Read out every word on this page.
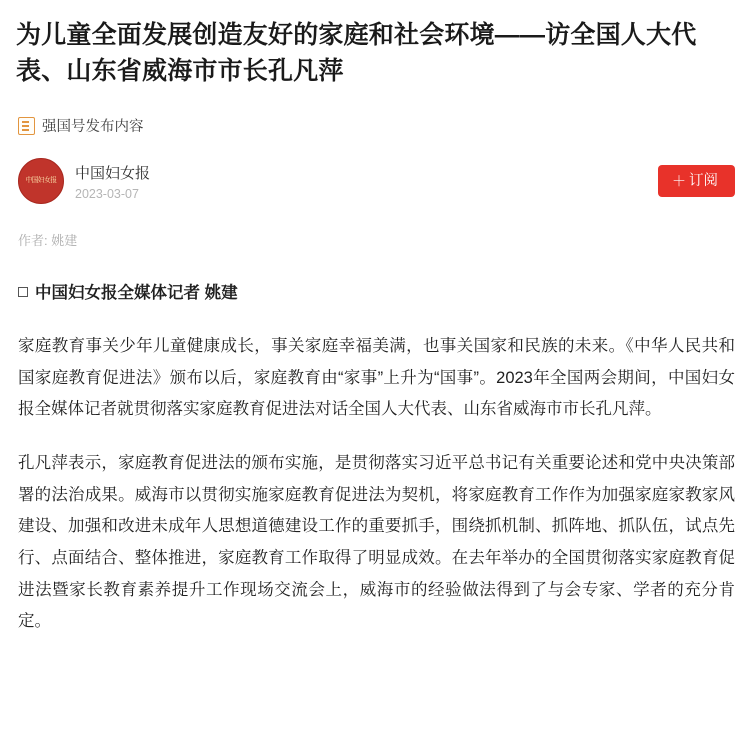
为儿童全面发展创造友好的家庭和社会环境——访全国人大代表、山东省威海市市长孔凡萍
强国号发布内容
中国妇女报 中国妇女报
2023-03-07
＋ 订阅
作者: 姚建
中国妇女报全媒体记者 姚建

家庭教育事关少年儿童健康成长，事关家庭幸福美满，也事关国家和民族的未来。《中华人民共和国家庭教育促进法》颁布以后，家庭教育由“家事”上升为“国事”。2023年全国两会期间，中国妇女报全媒体记者就贯彻落实家庭教育促进法对话全国人大代表、山东省威海市市长孔凡萍。

孔凡萍表示，家庭教育促进法的颁布实施，是贯彻落实习近平总书记有关重要论述和党中央决策部署的法治成果。威海市以贯彻实施家庭教育促进法为契机，将家庭教育工作作为加强家庭家教家风建设、加强和改进未成年人思想道德建设工作的重要抓手，围绕抓机制、抓阵地、抓队伍，试点先行、点面结合、整体推进，家庭教育工作取得了明显成效。在去年举办的全国贯彻落实家庭教育促进法暨家长教育素养提升工作现场交流会上，威海市的经验做法得到了与会专家、学者的充分肯定。
